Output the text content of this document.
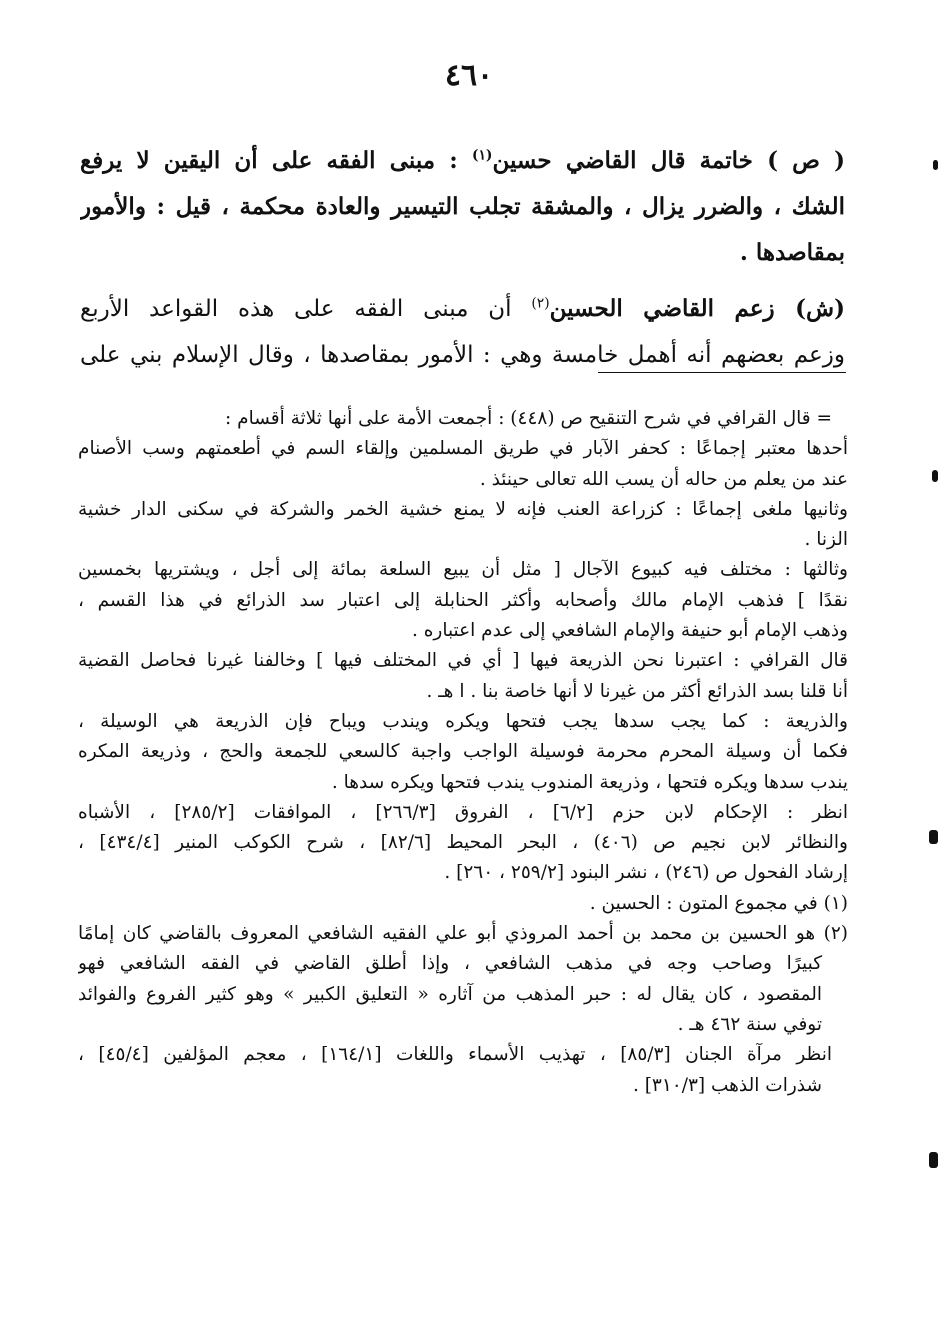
٤٦٠
( ص ) خاتمة قال القاضي حسين$^{(١)}$ : مبنى الفقه على أن اليقين لا يرفع
الشك ، والضرر يزال ، والمشقة تجلب التيسير والعادة محكمة ، قيل : والأمور
بمقاصدها .
(ش) زعم القاضي الحسين$^{(٢)}$ أن مبنى الفقه على هذه القواعد الأربع
وزعم بعضهم أنه أهمل خامسة وهي : الأمور بمقاصدها ، وقال الإسلام بني على
= قال القرافي في شرح التنقيح ص (٤٤٨) : أجمعت الأمة على أنها ثلاثة أقسام :
أحدها معتبر إجماعًا : كحفر الآبار في طريق المسلمين وإلقاء السم في أطعمتهم وسب الأصنام
عند من يعلم من حاله أن يسب الله تعالى حينئذ .
وثانيها ملغى إجماعًا : كزراعة العنب فإنه لا يمنع خشية الخمر والشركة في سكنى الدار خشية
الزنا .
وثالثها : مختلف فيه كبيوع الآجال [ مثل أن يبيع السلعة بمائة إلى أجل ، ويشتريها بخمسين
نقدًا ] فذهب الإمام مالك وأصحابه وأكثر الحنابلة إلى اعتبار سد الذرائع في هذا القسم ،
وذهب الإمام أبو حنيفة والإمام الشافعي إلى عدم اعتباره .
قال القرافي : اعتبرنا نحن الذريعة فيها [ أي في المختلف فيها ] وخالفنا غيرنا فحاصل القضية
أنا قلنا بسد الذرائع أكثر من غيرنا لا أنها خاصة بنا . ا هـ .
والذريعة : كما يجب سدها يجب فتحها ويكره ويندب ويباح فإن الذريعة هي الوسيلة ،
فكما أن وسيلة المحرم محرمة فوسيلة الواجب واجبة كالسعي للجمعة والحج ، وذريعة المكره
يندب سدها ويكره فتحها ، وذريعة المندوب يندب فتحها ويكره سدها .
انظر : الإحكام لابن حزم [٦/٢] ، الفروق [٢٦٦/٣] ، الموافقات [٢٨٥/٢] ، الأشباه
والنظائر لابن نجيم ص (٤٠٦) ، البحر المحيط [٨٢/٦] ، شرح الكوكب المنير [٤٣٤/٤] ،
إرشاد الفحول ص (٢٤٦) ، نشر البنود [٢٥٩/٢ ، ٢٦٠] .
(١) في مجموع المتون : الحسين .
(٢) هو الحسين بن محمد بن أحمد المروذي أبو علي الفقيه الشافعي المعروف بالقاضي كان إمامًا
كبيرًا وصاحب وجه في مذهب الشافعي ، وإذا أطلق القاضي في الفقه الشافعي فهو
المقصود ، كان يقال له : حبر المذهب من آثاره « التعليق الكبير » وهو كثير الفروع والفوائد
توفي سنة ٤٦٢ هـ .
انظر مرآة الجنان [٨٥/٣] ، تهذيب الأسماء واللغات [١٦٤/١] ، معجم المؤلفين [٤٥/٤] ،
شذرات الذهب [٣١٠/٣] .
